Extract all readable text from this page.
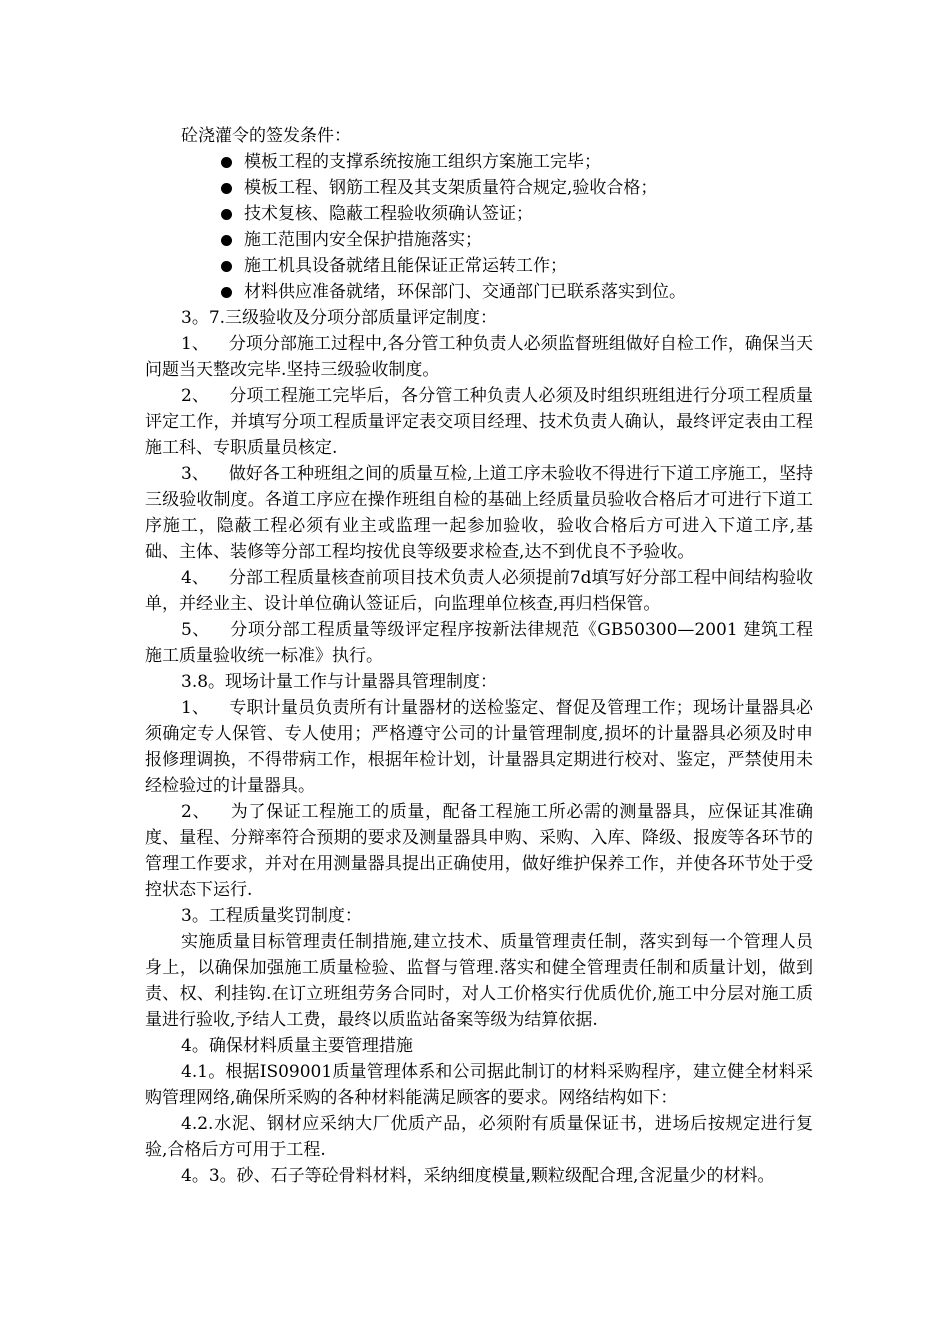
砼浇灌令的签发条件：

模板工程的支撑系统按施工组织方案施工完毕；
模板工程、钢筋工程及其支架质量符合规定,验收合格；
技术复核、隐蔽工程验收须确认签证；
施工范围内安全保护措施落实；
施工机具设备就绪且能保证正常运转工作；
材料供应准备就绪，环保部门、交通部门已联系落实到位。

3。7.三级验收及分项分部质量评定制度：

1、 分项分部施工过程中,各分管工种负责人必须监督班组做好自检工作，确保当天问题当天整改完毕.坚持三级验收制度。

2、 分项工程施工完毕后，各分管工种负责人必须及时组织班组进行分项工程质量评定工作，并填写分项工程质量评定表交项目经理、技术负责人确认，最终评定表由工程施工科、专职质量员核定.

3、 做好各工种班组之间的质量互检,上道工序未验收不得进行下道工序施工，坚持三级验收制度。各道工序应在操作班组自检的基础上经质量员验收合格后才可进行下道工序施工，隐蔽工程必须有业主或监理一起参加验收，验收合格后方可进入下道工序,基础、主体、装修等分部工程均按优良等级要求检查,达不到优良不予验收。

4、 分部工程质量核查前项目技术负责人必须提前7d填写好分部工程中间结构验收单，并经业主、设计单位确认签证后，向监理单位核查,再归档保管。

5、 分项分部工程质量等级评定程序按新法律规范《GB50300—2001 建筑工程施工质量验收统一标准》执行。

3.8。现场计量工作与计量器具管理制度：

1、 专职计量员负责所有计量器材的送检鉴定、督促及管理工作；现场计量器具必须确定专人保管、专人使用；严格遵守公司的计量管理制度,损坏的计量器具必须及时申报修理调换，不得带病工作，根据年检计划，计量器具定期进行校对、鉴定，严禁使用未经检验过的计量器具。

2、 为了保证工程施工的质量，配备工程施工所必需的测量器具，应保证其准确度、量程、分辩率符合预期的要求及测量器具申购、采购、入库、降级、报废等各环节的管理工作要求，并对在用测量器具提出正确使用，做好维护保养工作，并使各环节处于受控状态下运行.

3。工程质量奖罚制度：

实施质量目标管理责任制措施,建立技术、质量管理责任制，落实到每一个管理人员身上，以确保加强施工质量检验、监督与管理.落实和健全管理责任制和质量计划，做到责、权、利挂钩.在订立班组劳务合同时，对人工价格实行优质优价,施工中分层对施工质量进行验收,予结人工费，最终以质监站备案等级为结算依据.

4。确保材料质量主要管理措施

4.1。根据IS09001质量管理体系和公司据此制订的材料采购程序，建立健全材料采购管理网络,确保所采购的各种材料能满足顾客的要求。网络结构如下：

4.2.水泥、钢材应采纳大厂优质产品，必须附有质量保证书，进场后按规定进行复验,合格后方可用于工程.

4。3。砂、石子等砼骨料材料，采纳细度模量,颗粒级配合理,含泥量少的材料。
